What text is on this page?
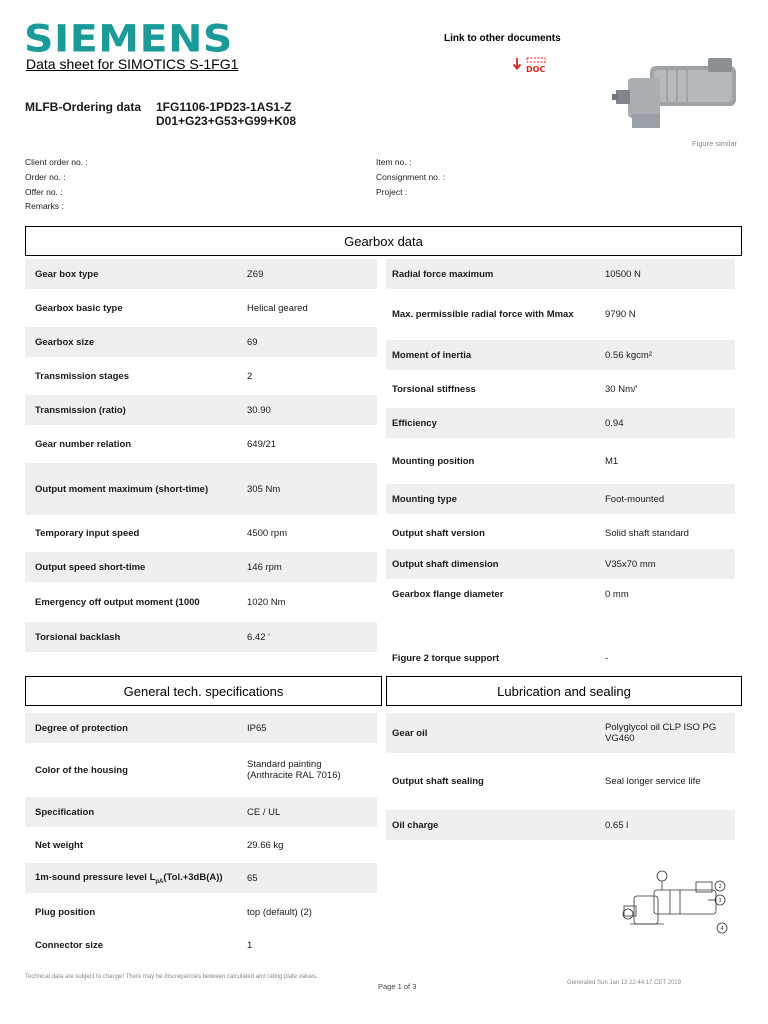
SIEMENS
Data sheet for SIMOTICS S-1FG1
Link to other documents
DOC
Figure similar
MLFB-Ordering data 1FG1106-1PD23-1AS1-Z
D01+G23+G53+G99+K08
Client order no. :
Order no. :
Offer no. :
Remarks :
Item no. :
Consignment no. :
Project :
Gearbox data
Gear box type	Z69
Gearbox basic type	Helical geared
Gearbox size	69
Transmission stages	2
Transmission (ratio)	30.90
Gear number relation	649/21
Output moment maximum (short-time)	305 Nm
Temporary input speed	4500 rpm
Output speed short-time	146 rpm
Emergency off output moment (1000	1020 Nm
Torsional backlash	6.42 '
Radial force maximum	10500 N
Max. permissible radial force with Mmax	9790 N
Moment of inertia	0.56 kgcm²
Torsional stiffness	30 Nm/'
Efficiency	0.94
Mounting position	M1
Mounting type	Foot-mounted
Output shaft version	Solid shaft standard
Output shaft dimension	V35x70 mm
Gearbox flange diameter	0 mm
Figure 2 torque support	-
General tech. specifications	Lubrication and sealing
Degree of protection	IP65
Color of the housing	Standard painting (Anthracite RAL 7016)
Specification	CE / UL
Net weight	29.66 kg
1m-sound pressure level $L_{pA}(Tol.+3dB(A))$	65
Plug position	top (default) (2)
Connector size	1
Gear oil	Polyglycol oil CLP ISO PG VG460
Output shaft sealing	Seal longer service life
Oil charge	0.65 l
2
3
4
Technical data are subject to change! There may be discrepancies between calculated and rating plate values.
Page 1 of 3	Generated Sun Jan 13 22:44:17 CET 2019
